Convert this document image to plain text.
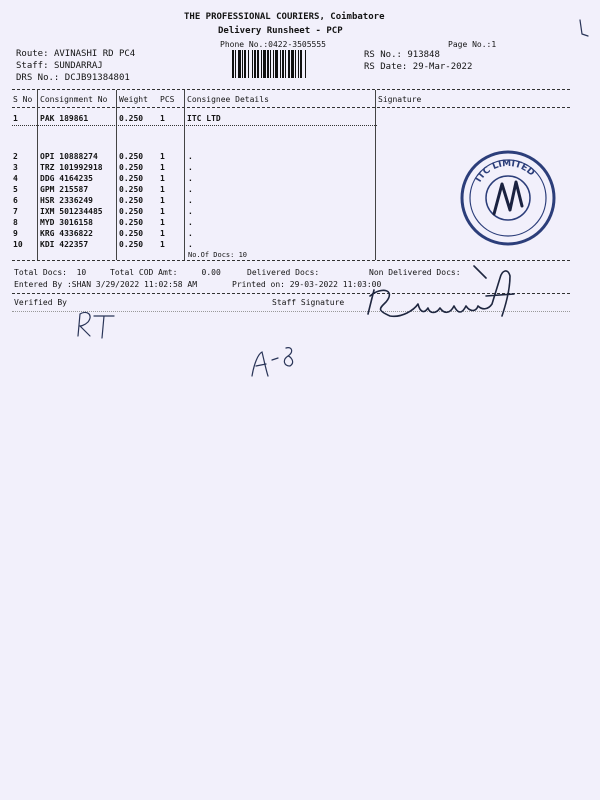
THE PROFESSIONAL COURIERS, Coimbatore
Delivery Runsheet - PCP
Phone No.:0422-3505555	Page No.:1
Route: AVINASHI RD PC4
Staff: SUNDARRAJ
DRS No.: DCJB91384801
RS No.: 913848
RS Date: 29-Mar-2022
S No Consignment No Weight PCS Consignee Details	Signature
1	PAK 189861	0.250 1	ITC LTD
2	OPI 10888274	0.250 1	.
3	TRZ 101992918 0.250 1	.
4	DDG 4164235	0.250 1	.
5	GPM 215587	0.250 1	.
6	HSR 2336249	0.250 1	.
7	IXM 501234485 0.250 1	.
8	MYD 3016158	0.250 1	.
9	KRG 4336822	0.250 1	.
10 KDI 422357	0.250 1	.
No.Of Docs: 10
Total Docs:  10	Total COD Amt:     0.00	Delivered Docs:	Non Delivered Docs:
Entered By :SHAN 3/29/2022 11:02:58 AM	Printed on: 29-03-2022 11:03:00
Verified By	Staff Signature
ITC LIMITED
